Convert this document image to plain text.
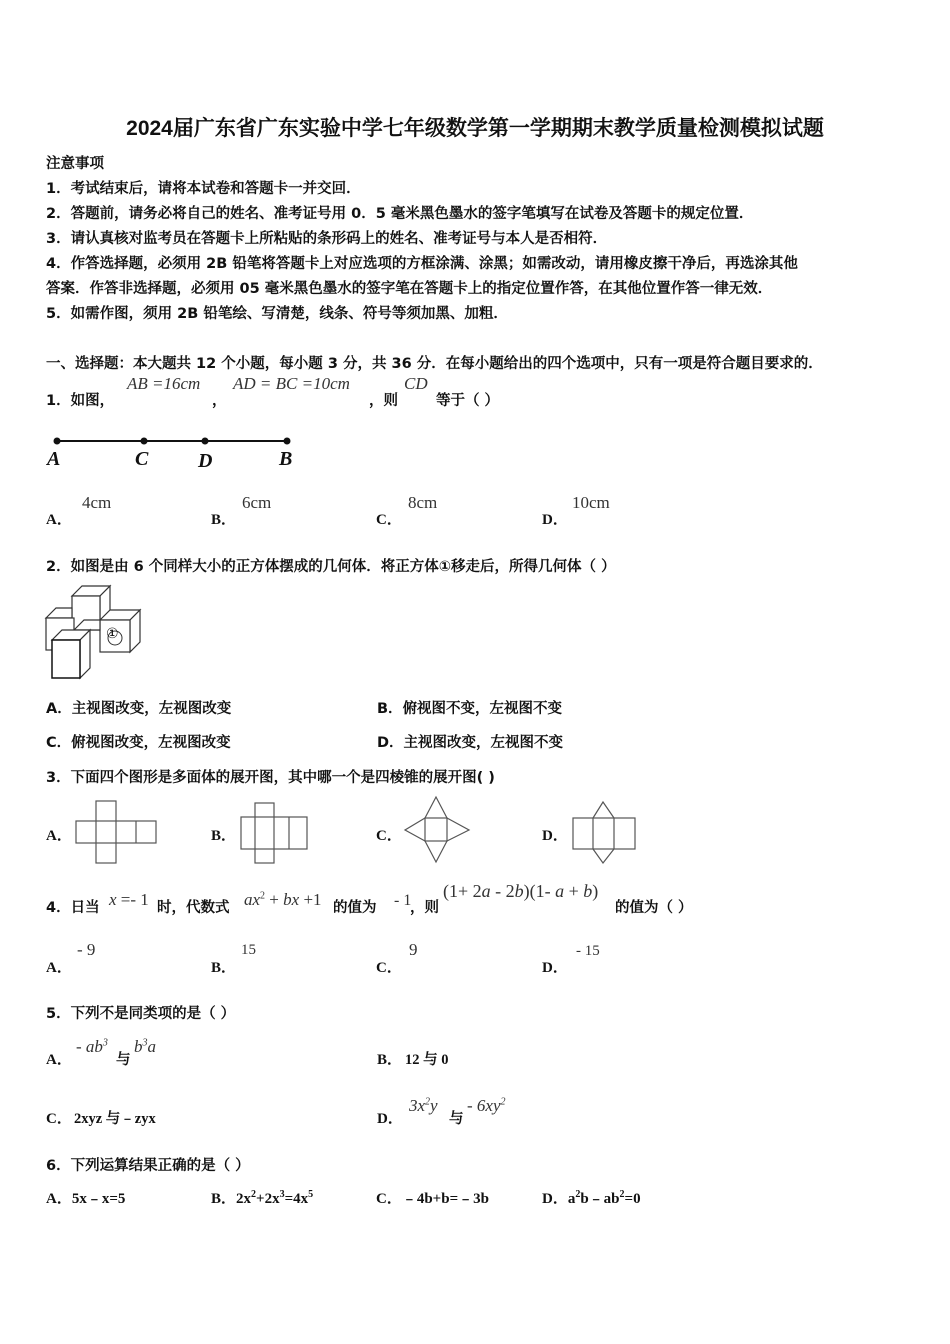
2024届广东省广东实验中学七年级数学第一学期期末教学质量检测模拟试题
注意事项
1．考试结束后，请将本试卷和答题卡一并交回．
2．答题前，请务必将自己的姓名、准考证号用 0．5 毫米黑色墨水的签字笔填写在试卷及答题卡的规定位置．
3．请认真核对监考员在答题卡上所粘贴的条形码上的姓名、准考证号与本人是否相符．
4．作答选择题，必须用 2B 铅笔将答题卡上对应选项的方框涂满、涂黑；如需改动，请用橡皮擦干净后，再选涂其他
答案．作答非选择题，必须用 05 毫米黑色墨水的签字笔在答题卡上的指定位置作答，在其他位置作答一律无效．
5．如需作图，须用 2B 铅笔绘、写清楚，线条、符号等须加黑、加粗．
一、选择题：本大题共 12 个小题，每小题 3 分，共 36 分．在每小题给出的四个选项中，只有一项是符合题目要求的．
1．如图，
AB =16cm
，
AD = BC =10cm
，则
CD
等于（ ）
A	C D	B
A．
4cm
B．
6cm
C．
8cm
D．
10cm
2．如图是由 6 个同样大小的正方体摆成的几何体．将正方体①移走后，所得几何体（ ）
①
A．主视图改变，左视图改变	B．俯视图不变，左视图不变
C．俯视图改变，左视图改变	D．主视图改变，左视图不变
3．下面四个图形是多面体的展开图，其中哪一个是四棱锥的展开图( )
A．	B．	C．	D．
4．日当 x =- 1 时，代数式 $ax^2$ + bx +1 的值为 - 1
，则
(1+ 2a - 2b)(1- a + b)
的值为（ ）
A．
- 9
B．
15
C．
9
D．
- 15
5．下列不是同类项的是（ ）
A．
- $ab^3$
与
$b^3a$
B． 12 与 0
C． 2xyz 与﹣zyx	D．
$3x^2y$
与
- $6xy^2$
6．下列运算结果正确的是（ ）
A．5x﹣x=5	B．$2x^2+2x^3=4x^5$	C．﹣4b+b=﹣3b	D．$a^2b﹣ab^2=0$
